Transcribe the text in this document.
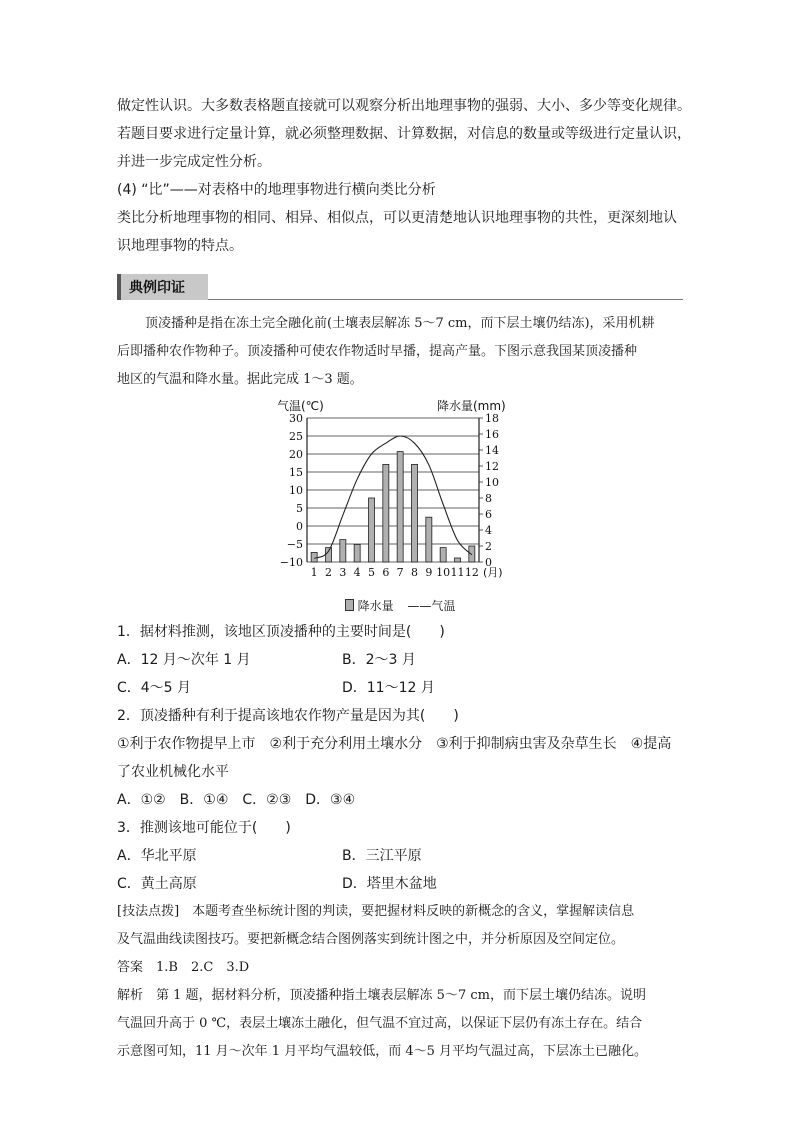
做定性认识。大多数表格题直接就可以观察分析出地理事物的强弱、大小、多少等变化规律。

若题目要求进行定量计算，就必须整理数据、计算数据，对信息的数量或等级进行定量认识，

并进一步完成定性分析。

(4) “比”——对表格中的地理事物进行横向类比分析

类比分析地理事物的相同、相异、相似点，可以更清楚地认识地理事物的共性，更深刻地认

识地理事物的特点。

典例印证

顶凌播种是指在冻土完全融化前(土壤表层解冻 5～7 cm，而下层土壤仍结冻)，采用机耕

后即播种农作物种子。顶凌播种可使农作物适时早播，提高产量。下图示意我国某顶凌播种

地区的气温和降水量。据此完成 1～3 题。

30
25
20
15
10
5
0
−5
−10
18
16
14
12
10
8
6
4
2
0
气温(℃)	降水量(mm)
1 2 3 4 5 6 7 8 9 10 11 12 (月)
降水量 ——气温

1．据材料推测，该地区顶凌播种的主要时间是(　　)

A．12 月～次年 1 月	B．2～3 月
C．4～5 月	D．11～12 月

2．顶凌播种有利于提高该地农作物产量是因为其(　　)

①利于农作物提早上市　②利于充分利用土壤水分　③利于抑制病虫害及杂草生长　④提高

了农业机械化水平

A．①②　B．①④　C．②③　D．③④

3．推测该地可能位于(　　)

A．华北平原	B．三江平原
C．黄土高原	D．塔里木盆地

[技法点拨]　本题考查坐标统计图的判读，要把握材料反映的新概念的含义，掌握解读信息

及气温曲线读图技巧。要把新概念结合图例落实到统计图之中，并分析原因及空间定位。

答案　1.B　2.C　3.D

解析　第 1 题，据材料分析，顶凌播种指土壤表层解冻 5～7 cm，而下层土壤仍结冻。说明

气温回升高于 0 ℃，表层土壤冻土融化，但气温不宜过高，以保证下层仍有冻土存在。结合

示意图可知，11 月～次年 1 月平均气温较低，而 4～5 月平均气温过高，下层冻土已融化。
